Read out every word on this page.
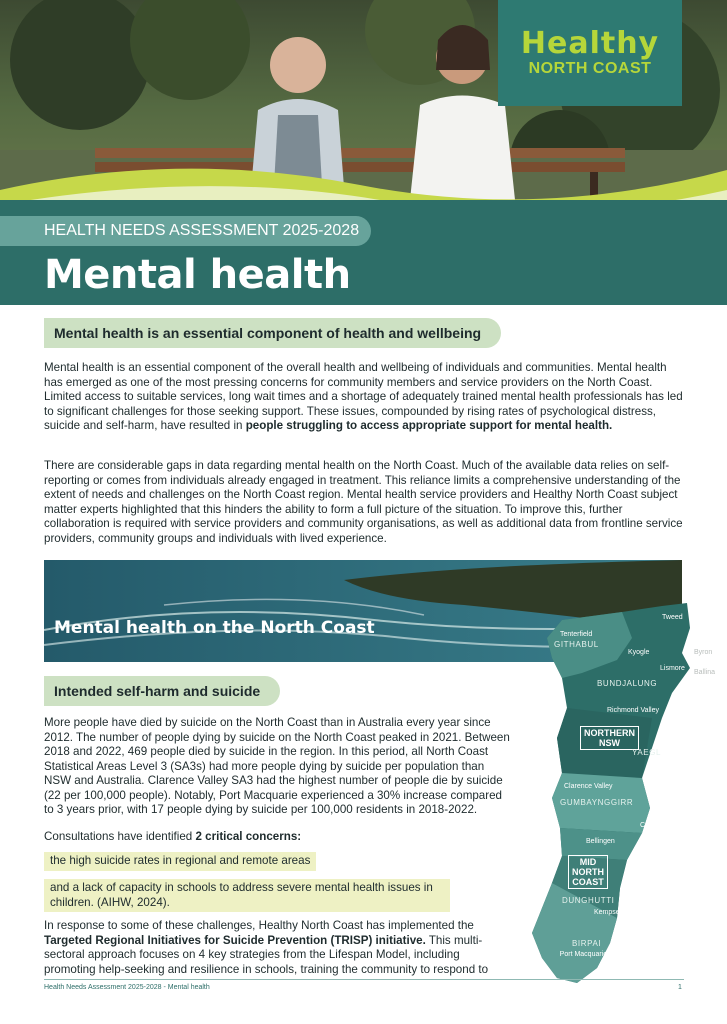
Healthy
NORTH COAST
HEALTH NEEDS ASSESSMENT 2025-2028
Mental health
Mental health is an essential component of health and wellbeing

Mental health is an essential component of the overall health and wellbeing of individuals and communities. Mental health has emerged as one of the most pressing concerns for community members and service providers on the North Coast. Limited access to suitable services, long wait times and a shortage of adequately trained mental health professionals has led to significant challenges for those seeking support. These issues, compounded by rising rates of psychological distress, suicide and self-harm, have resulted in people struggling to access appropriate support for mental health.

There are considerable gaps in data regarding mental health on the North Coast. Much of the available data relies on self-reporting or comes from individuals already engaged in treatment. This reliance limits a comprehensive understanding of the extent of needs and challenges on the North Coast region. Mental health service providers and Healthy North Coast subject matter experts highlighted that this hinders the ability to form a full picture of the situation. To improve this, further collaboration is required with service providers and community organisations, as well as additional data from frontline service providers, community groups and individuals with lived experience.

Mental health on the North Coast
Tweed
Tenterfield
GITHABUL
Kyogle	Byron
Lismore
Ballina
BUNDJALUNG
Richmond Valley
NORTHERN
NSW
YAEGL
Clarence Valley
GUMBAYNGGIRR
Coffs Harbour
Bellingen
MID
NORTH
COAST
Nambucca
DUNGHUTTI
Kempsey
BIRPAI
Port Macquarie Hastings
Intended self-harm and suicide

More people have died by suicide on the North Coast than in Australia every year since 2012. The number of people dying by suicide on the North Coast peaked in 2021. Between 2018 and 2022, 469 people died by suicide in the region. In this period, all North Coast Statistical Areas Level 3 (SA3s) had more people dying by suicide per population than NSW and Australia. Clarence Valley SA3 had the highest number of people die by suicide (22 per 100,000 people). Notably, Port Macquarie experienced a 30% increase compared to 3 years prior, with 17 people dying by suicide per 100,000 residents in 2018-2022.

Consultations have identified 2 critical concerns:

the high suicide rates in regional and remote areas
and a lack of capacity in schools to address severe mental health issues in children. (AIHW, 2024).

In response to some of these challenges, Healthy North Coast has implemented the Targeted Regional Initiatives for Suicide Prevention (TRISP) initiative. This multi-sectoral approach focuses on 4 key strategies from the Lifespan Model, including promoting help-seeking and resilience in schools, training the community to respond to

Health Needs Assessment 2025-2028 - Mental health	1
